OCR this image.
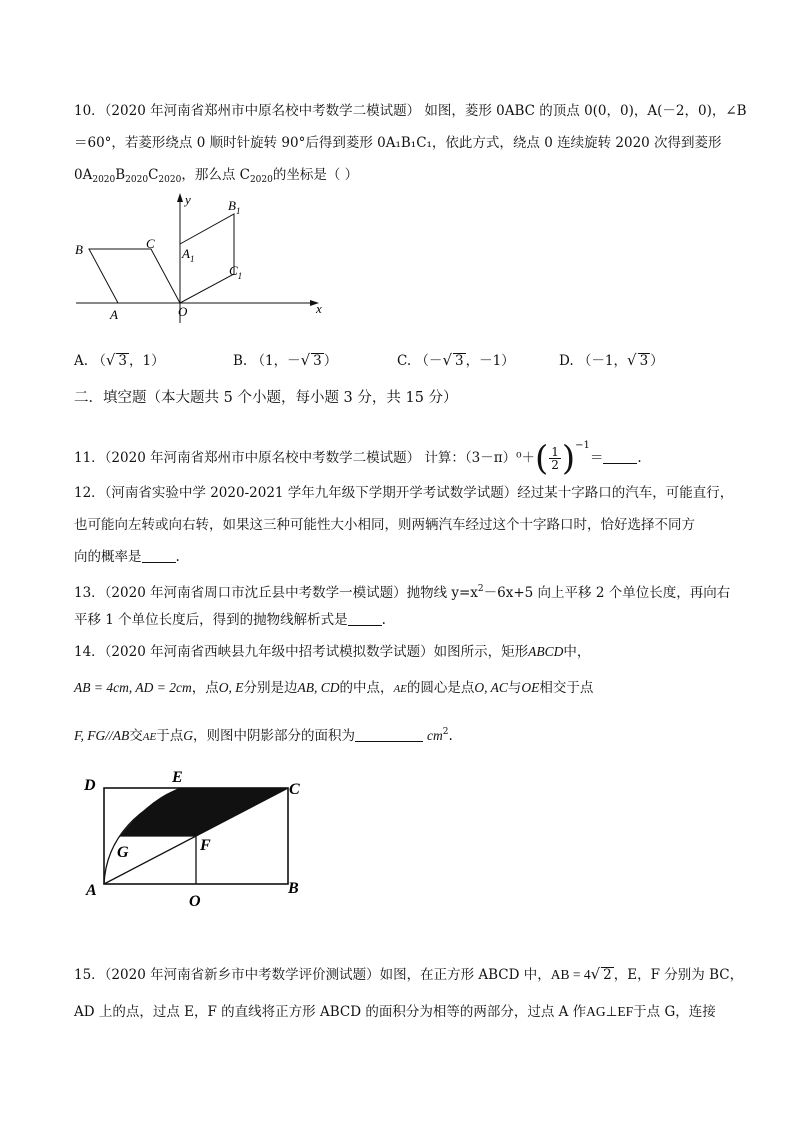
10．（2020 年河南省郑州市中原名校中考数学二模试题） 如图，菱形 0ABC 的顶点 0(0，0)，A(－2，0)，∠B
＝60°，若菱形绕点 0 顺时针旋转 90°后得到菱形 0A₁B₁C₁，依此方式，绕点 0 连续旋转 2020 次得到菱形
$0A_{2020}B_{2020}C_{2020}$，那么点 $C_{2020}$的坐标是（ ）
B	C
A	O
$A_1$
$B_1$
$C_1$
x
y
A. （√ 3 ，1）	B. （1，－√ 3 ）	C. （－√ 3 ，－1）	D. （－1，√ 3 ）
二．填空题（本大题共 5 个小题，每小题 3 分，共 15 分）
11．（2020 年河南省郑州市中原名校中考数学二模试题） 计算：$(3-\pi)^0+( \frac{1}{2} )^{-1}=$	.
12．（河南省实验中学 2020-2021 学年九年级下学期开学考试数学试题）经过某十字路口的汽车，可能直行，
也可能向左转或向右转，如果这三种可能性大小相同，则两辆汽车经过这个十字路口时，恰好选择不同方
向的概率是	.
13．（2020 年河南省周口市沈丘县中考数学一模试题）抛物线 $y=x^2-6x+5$ 向上平移 2 个单位长度，再向右
平移 1 个单位长度后，得到的抛物线解析式是	.
14．（2020 年河南省西峡县九年级中招考试模拟数学试题）如图所示，矩形ABCD中，
AB = 4cm, AD = 2cm，点O, E分别是边AB, CD的中点，AE的圆心是点O, AC与OE相交于点
F, FG//AB交AE于点G，则图中阴影部分的面积为	$cm^2$.
D	E
C
G	F
A
O
B
15．（2020 年河南省新乡市中考数学评价测试题）如图，在正方形 ABCD 中，AB = 4√ 2 ，E，F 分别为 BC，
AD 上的点，过点 E，F 的直线将正方形 ABCD 的面积分为相等的两部分，过点 A 作AG⊥EF于点 G，连接
